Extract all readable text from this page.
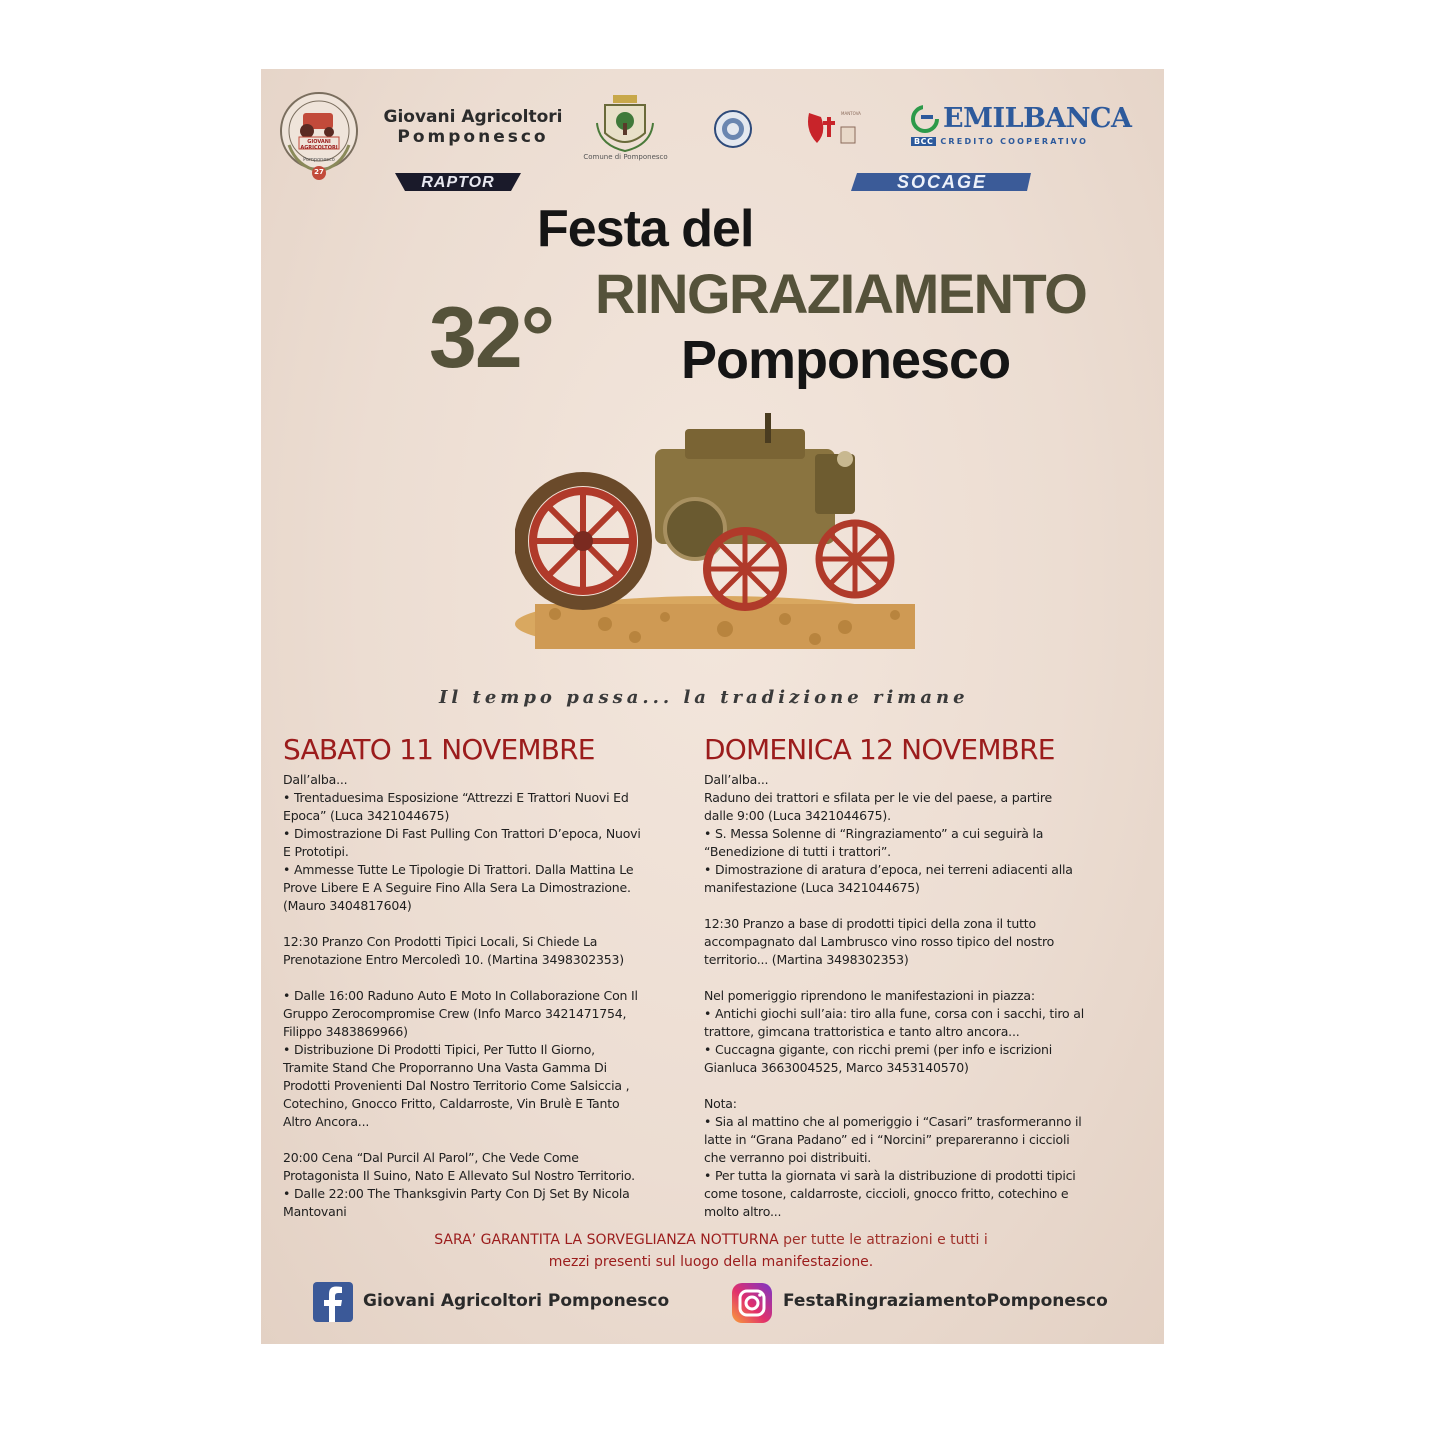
GIOVANI AGRICOLTORI
Pomponesco
27
Giovani Agricoltori
Pomponesco
RAPTOR
Comune di Pomponesco
MANTOVA	EMILBANCA
BCC CREDITO COOPERATIVO
SOCAGE
Festa del
32° RINGRAZIAMENTO
Pomponesco
Il tempo passa... la tradizione rimane
SABATO 11 NOVEMBRE
Dall’alba...
• Trentaduesima Esposizione “Attrezzi E Trattori Nuovi Ed
Epoca” (Luca 3421044675)
• Dimostrazione Di Fast Pulling Con Trattori D’epoca, Nuovi
E Prototipi.
• Ammesse Tutte Le Tipologie Di Trattori. Dalla Mattina Le
Prove Libere E A Seguire Fino Alla Sera La Dimostrazione.
(Mauro 3404817604)
12:30 Pranzo Con Prodotti Tipici Locali, Si Chiede La
Prenotazione Entro Mercoledì 10. (Martina 3498302353)
• Dalle 16:00 Raduno Auto E Moto In Collaborazione Con Il
Gruppo Zerocompromise Crew (Info Marco 3421471754,
Filippo 3483869966)
• Distribuzione Di Prodotti Tipici, Per Tutto Il Giorno,
Tramite Stand Che Proporranno Una Vasta Gamma Di
Prodotti Provenienti Dal Nostro Territorio Come Salsiccia ,
Cotechino, Gnocco Fritto, Caldarroste, Vin Brulè E Tanto
Altro Ancora...
20:00 Cena “Dal Purcil Al Parol”, Che Vede Come
Protagonista Il Suino, Nato E Allevato Sul Nostro Territorio.
• Dalle 22:00 The Thanksgivin Party Con Dj Set By Nicola
Mantovani
DOMENICA 12 NOVEMBRE
Dall’alba...
Raduno dei trattori e sfilata per le vie del paese, a partire
dalle 9:00 (Luca 3421044675).
• S. Messa Solenne di “Ringraziamento” a cui seguirà la
“Benedizione di tutti i trattori”.
• Dimostrazione di aratura d’epoca, nei terreni adiacenti alla
manifestazione (Luca 3421044675)
12:30 Pranzo a base di prodotti tipici della zona il tutto
accompagnato dal Lambrusco vino rosso tipico del nostro
territorio... (Martina 3498302353)
Nel pomeriggio riprendono le manifestazioni in piazza:
• Antichi giochi sull’aia: tiro alla fune, corsa con i sacchi, tiro al
trattore, gimcana trattoristica e tanto altro ancora...
• Cuccagna gigante, con ricchi premi (per info e iscrizioni
Gianluca 3663004525, Marco 3453140570)
Nota:
• Sia al mattino che al pomeriggio i “Casari” trasformeranno il
latte in “Grana Padano” ed i “Norcini” prepareranno i ciccioli
che verranno poi distribuiti.
• Per tutta la giornata vi sarà la distribuzione di prodotti tipici
come tosone, caldarroste, ciccioli, gnocco fritto, cotechino e
molto altro...
SARA’ GARANTITA LA SORVEGLIANZA NOTTURNA per tutte le attrazioni e tutti i
mezzi presenti sul luogo della manifestazione.
Giovani Agricoltori Pomponesco	FestaRingraziamentoPomponesco
